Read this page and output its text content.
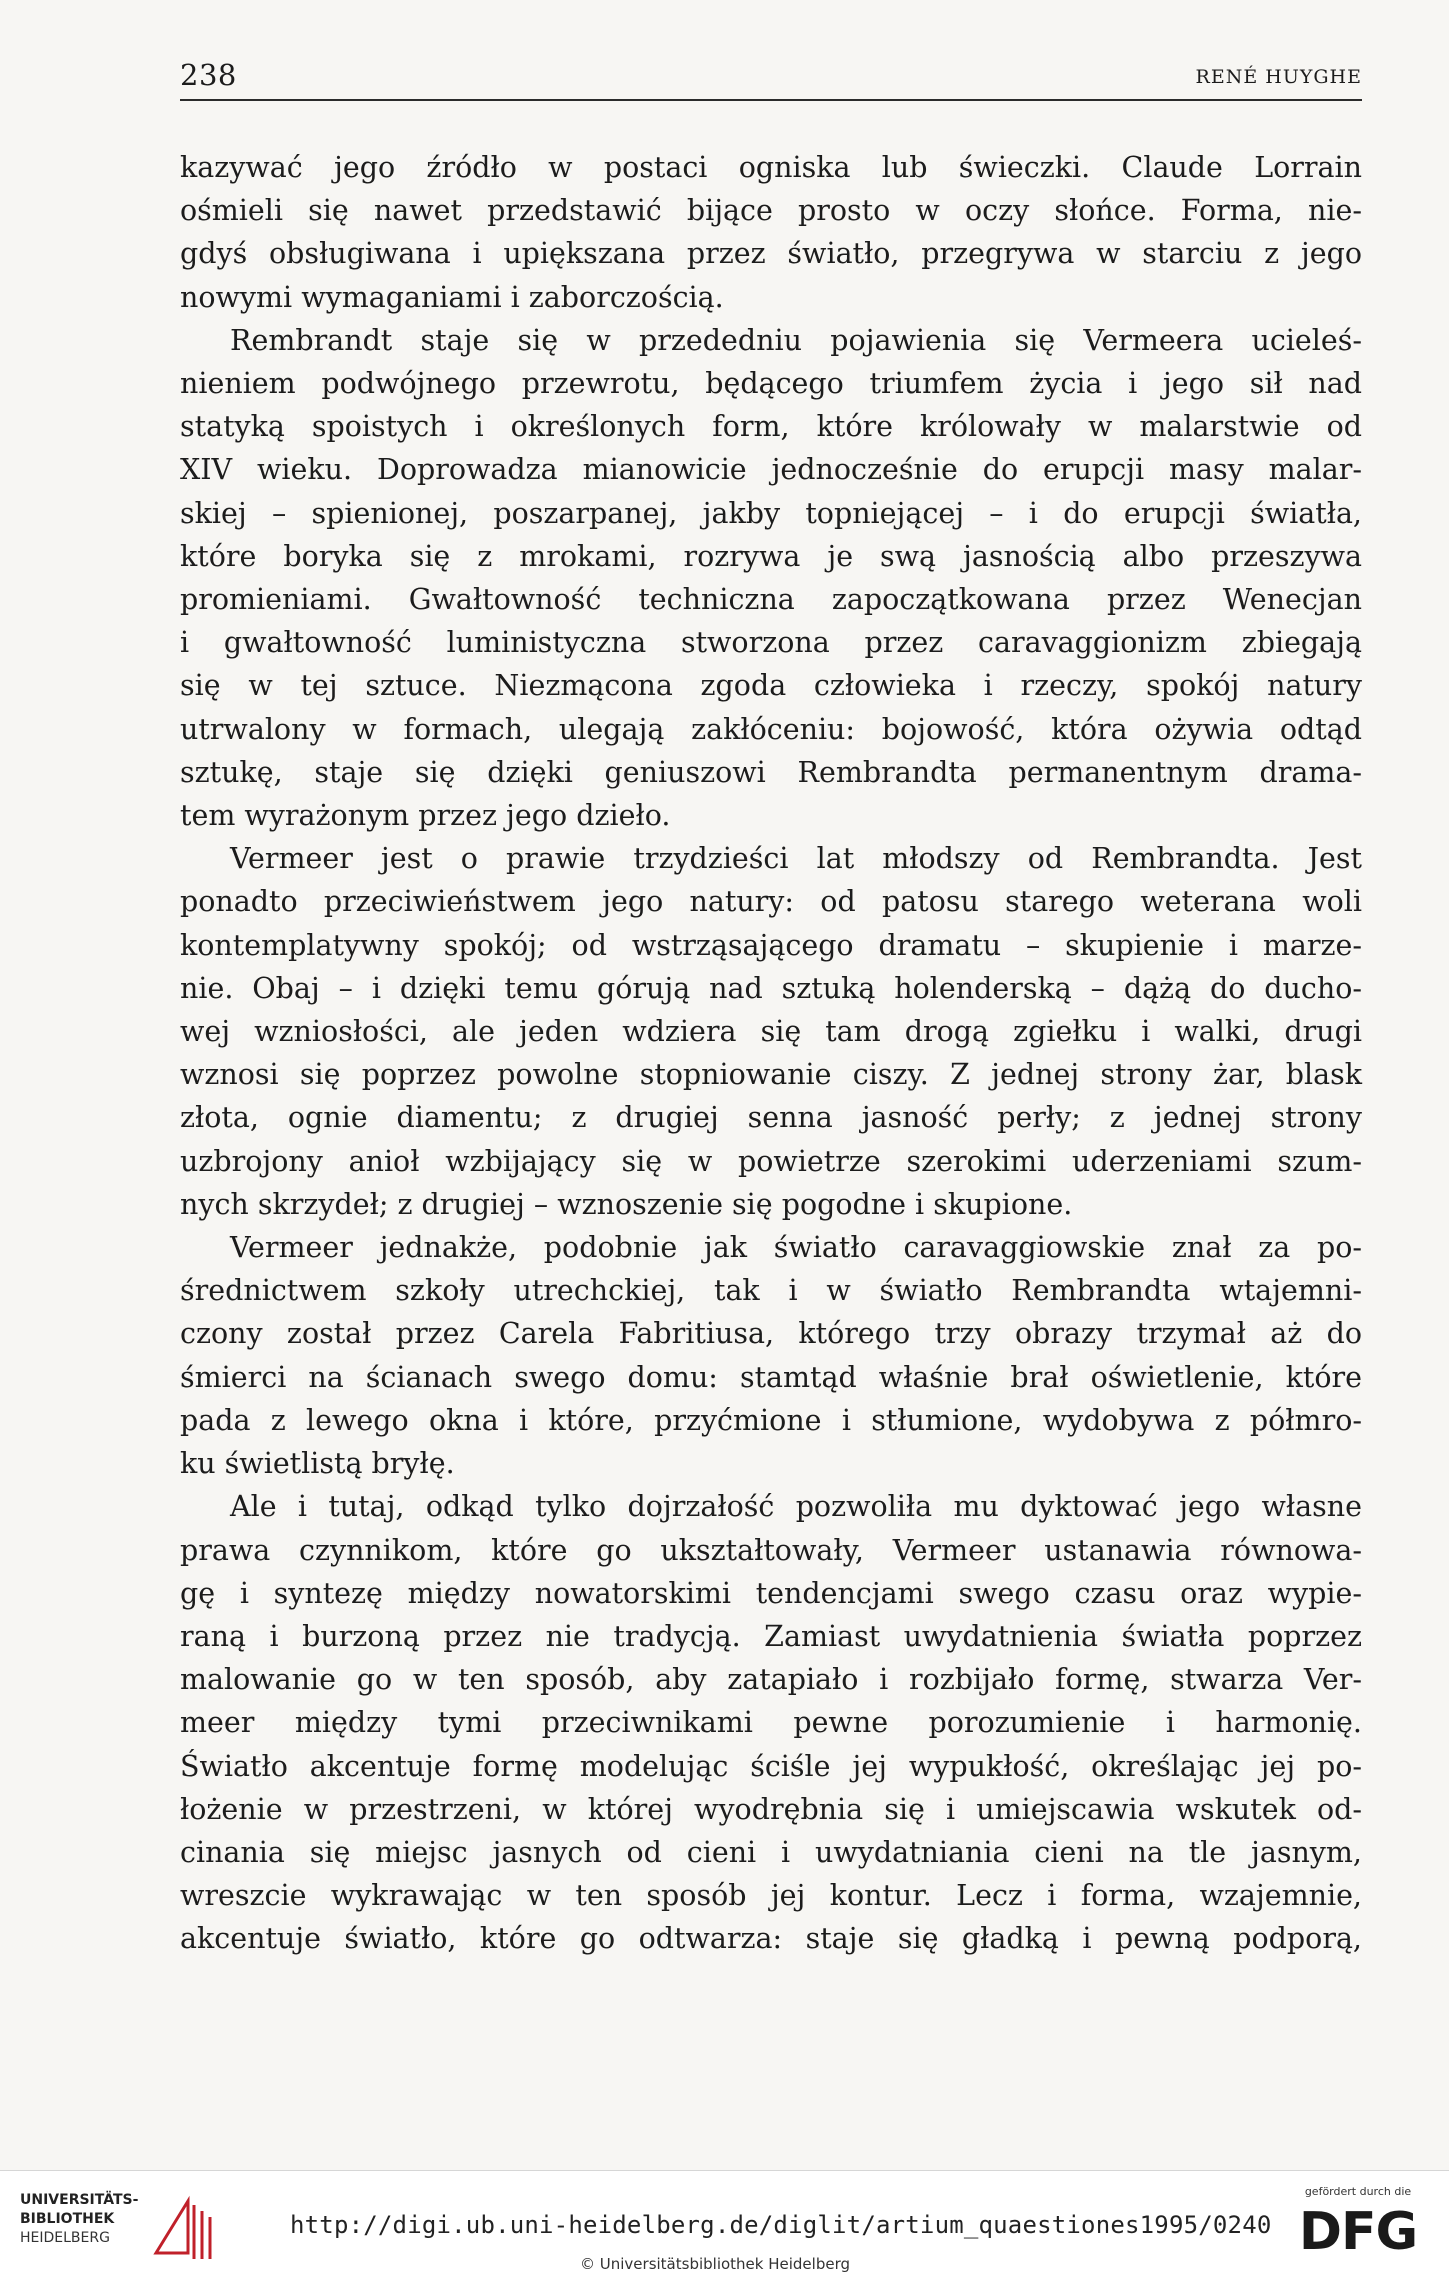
238	RENÉ HUYGHE
kazywać jego źródło w postaci ogniska lub świeczki. Claude Lorrain
ośmieli się nawet przedstawić bijące prosto w oczy słońce. Forma, nie-
gdyś obsługiwana i upiększana przez światło, przegrywa w starciu z jego
nowymi wymaganiami i zaborczością.
Rembrandt staje się w przededniu pojawienia się Vermeera ucieleś-
nieniem podwójnego przewrotu, będącego triumfem życia i jego sił nad
statyką spoistych i określonych form, które królowały w malarstwie od
XIV wieku. Doprowadza mianowicie jednocześnie do erupcji masy malar-
skiej – spienionej, poszarpanej, jakby topniejącej – i do erupcji światła,
które boryka się z mrokami, rozrywa je swą jasnością albo przeszywa
promieniami. Gwałtowność techniczna zapoczątkowana przez Wenecjan
i gwałtowność luministyczna stworzona przez caravaggionizm zbiegają
się w tej sztuce. Niezmącona zgoda człowieka i rzeczy, spokój natury
utrwalony w formach, ulegają zakłóceniu: bojowość, która ożywia odtąd
sztukę, staje się dzięki geniuszowi Rembrandta permanentnym drama-
tem wyrażonym przez jego dzieło.
Vermeer jest o prawie trzydzieści lat młodszy od Rembrandta. Jest
ponadto przeciwieństwem jego natury: od patosu starego weterana woli
kontemplatywny spokój; od wstrząsającego dramatu – skupienie i marze-
nie. Obaj – i dzięki temu górują nad sztuką holenderską – dążą do ducho-
wej wzniosłości, ale jeden wdziera się tam drogą zgiełku i walki, drugi
wznosi się poprzez powolne stopniowanie ciszy. Z jednej strony żar, blask
złota, ognie diamentu; z drugiej senna jasność perły; z jednej strony
uzbrojony anioł wzbijający się w powietrze szerokimi uderzeniami szum-
nych skrzydeł; z drugiej – wznoszenie się pogodne i skupione.
Vermeer jednakże, podobnie jak światło caravaggiowskie znał za po-
średnictwem szkoły utrechckiej, tak i w światło Rembrandta wtajemni-
czony został przez Carela Fabritiusa, którego trzy obrazy trzymał aż do
śmierci na ścianach swego domu: stamtąd właśnie brał oświetlenie, które
pada z lewego okna i które, przyćmione i stłumione, wydobywa z półmro-
ku świetlistą bryłę.
Ale i tutaj, odkąd tylko dojrzałość pozwoliła mu dyktować jego własne
prawa czynnikom, które go ukształtowały, Vermeer ustanawia równowa-
gę i syntezę między nowatorskimi tendencjami swego czasu oraz wypie-
raną i burzoną przez nie tradycją. Zamiast uwydatnienia światła poprzez
malowanie go w ten sposób, aby zatapiało i rozbijało formę, stwarza Ver-
meer między tymi przeciwnikami pewne porozumienie i harmonię.
Światło akcentuje formę modelując ściśle jej wypukłość, określając jej po-
łożenie w przestrzeni, w której wyodrębnia się i umiejscawia wskutek od-
cinania się miejsc jasnych od cieni i uwydatniania cieni na tle jasnym,
wreszcie wykrawając w ten sposób jej kontur. Lecz i forma, wzajemnie,
akcentuje światło, które go odtwarza: staje się gładką i pewną podporą,
UNIVERSITÄTS-
BIBLIOTHEK
HEIDELBERG	http://digi.ub.uni-heidelberg.de/diglit/artium_quaestiones1995/0240
© Universitätsbibliothek Heidelberg
gefördert durch die
DFG
